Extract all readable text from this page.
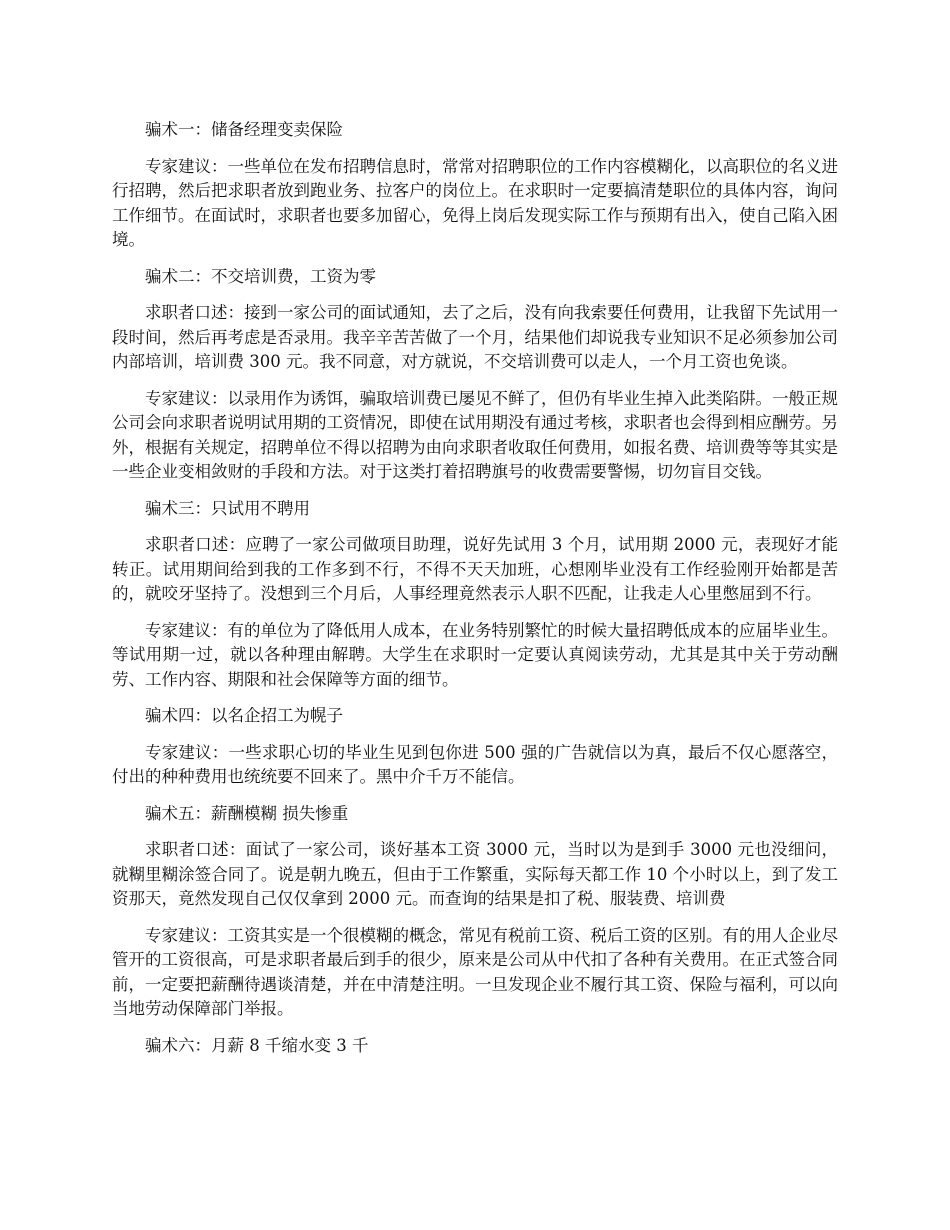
骗术一：储备经理变卖保险

专家建议：一些单位在发布招聘信息时，常常对招聘职位的工作内容模糊化，以高职位的名义进行招聘，然后把求职者放到跑业务、拉客户的岗位上。在求职时一定要搞清楚职位的具体内容，询问工作细节。在面试时，求职者也要多加留心，免得上岗后发现实际工作与预期有出入，使自己陷入困境。

骗术二：不交培训费，工资为零

求职者口述：接到一家公司的面试通知，去了之后，没有向我索要任何费用，让我留下先试用一段时间，然后再考虑是否录用。我辛辛苦苦做了一个月，结果他们却说我专业知识不足必须参加公司内部培训，培训费 300 元。我不同意，对方就说，不交培训费可以走人，一个月工资也免谈。

专家建议：以录用作为诱饵，骗取培训费已屡见不鲜了，但仍有毕业生掉入此类陷阱。一般正规公司会向求职者说明试用期的工资情况，即使在试用期没有通过考核，求职者也会得到相应酬劳。另外，根据有关规定，招聘单位不得以招聘为由向求职者收取任何费用，如报名费、培训费等等其实是一些企业变相敛财的手段和方法。对于这类打着招聘旗号的收费需要警惕，切勿盲目交钱。

骗术三：只试用不聘用

求职者口述：应聘了一家公司做项目助理，说好先试用 3 个月，试用期 2000 元，表现好才能转正。试用期间给到我的工作多到不行，不得不天天加班，心想刚毕业没有工作经验刚开始都是苦的，就咬牙坚持了。没想到三个月后，人事经理竟然表示人职不匹配，让我走人心里憋屈到不行。

专家建议：有的单位为了降低用人成本，在业务特别繁忙的时候大量招聘低成本的应届毕业生。等试用期一过，就以各种理由解聘。大学生在求职时一定要认真阅读劳动，尤其是其中关于劳动酬劳、工作内容、期限和社会保障等方面的细节。

骗术四：以名企招工为幌子

专家建议：一些求职心切的毕业生见到包你进 500 强的广告就信以为真，最后不仅心愿落空，付出的种种费用也统统要不回来了。黑中介千万不能信。

骗术五：薪酬模糊 损失惨重

求职者口述：面试了一家公司，谈好基本工资 3000 元，当时以为是到手 3000 元也没细问，就糊里糊涂签合同了。说是朝九晚五，但由于工作繁重，实际每天都工作 10 个小时以上，到了发工资那天，竟然发现自己仅仅拿到 2000 元。而查询的结果是扣了税、服装费、培训费

专家建议：工资其实是一个很模糊的概念，常见有税前工资、税后工资的区别。有的用人企业尽管开的工资很高，可是求职者最后到手的很少，原来是公司从中代扣了各种有关费用。在正式签合同前，一定要把薪酬待遇谈清楚，并在中清楚注明。一旦发现企业不履行其工资、保险与福利，可以向当地劳动保障部门举报。

骗术六：月薪 8 千缩水变 3 千
